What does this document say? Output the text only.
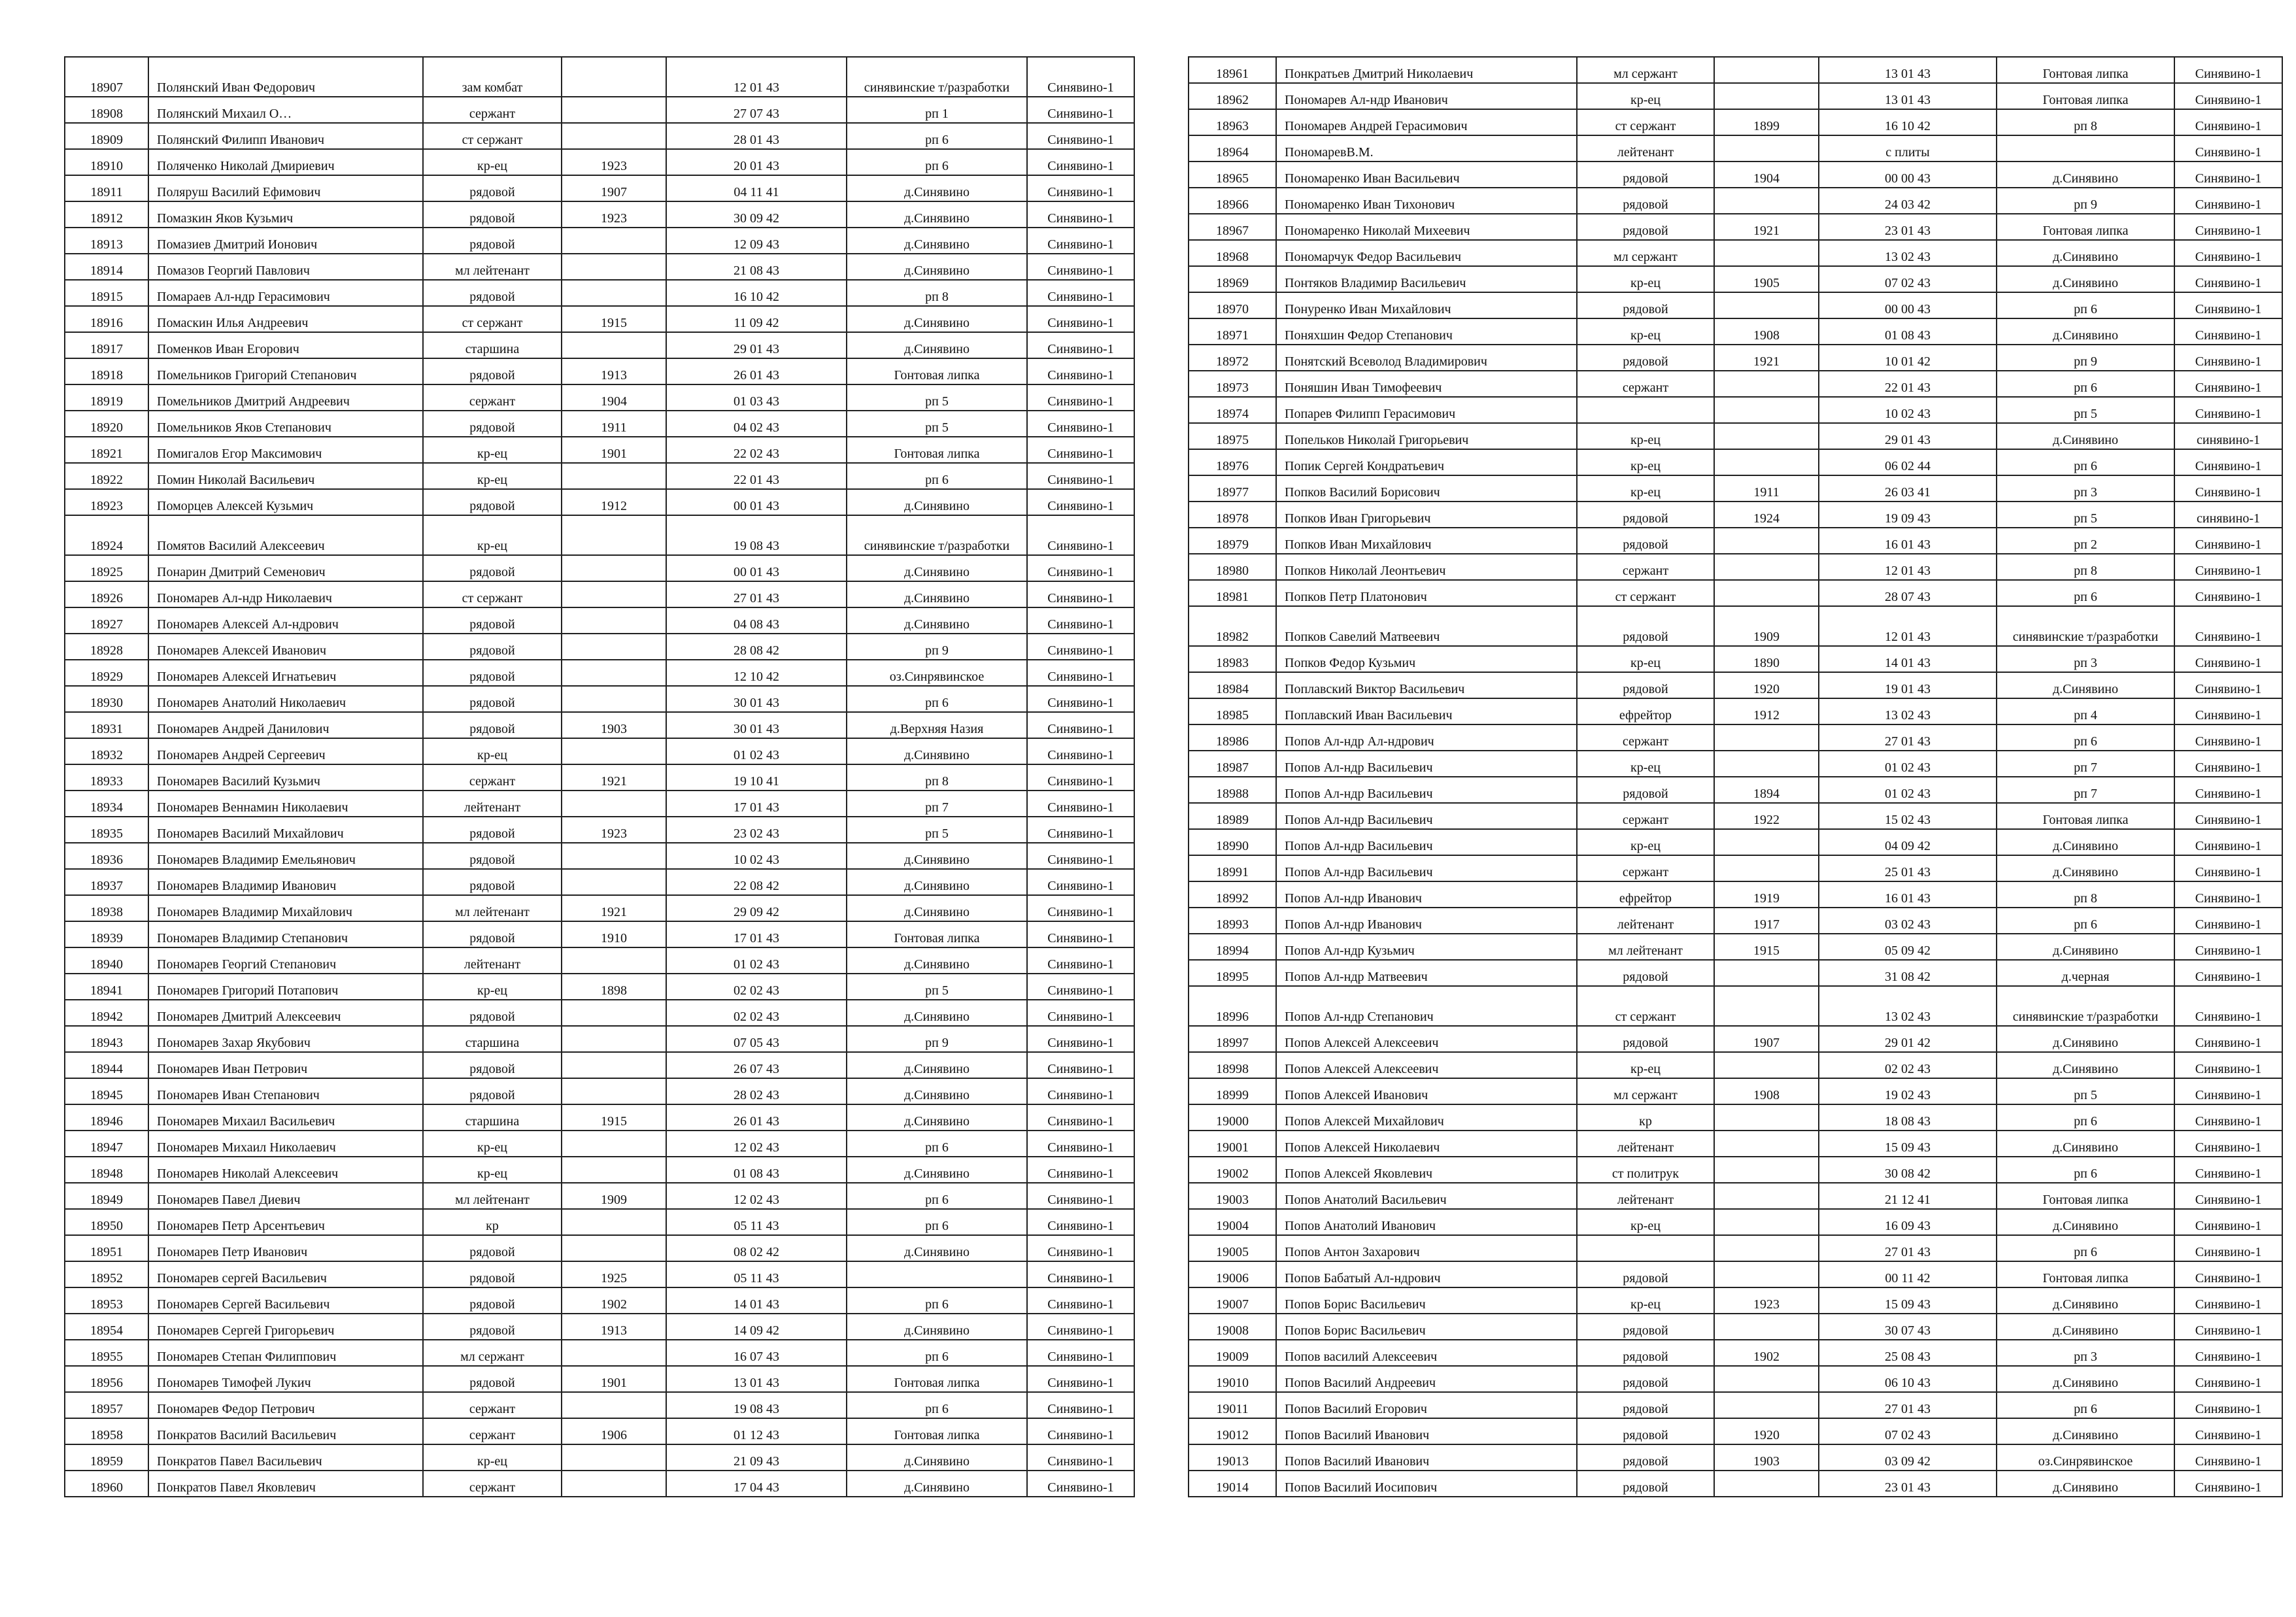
18907	Полянский Иван Федорович	зам комбат		12 01 43	синявинские т/разработки	Синявино-1
18908	Полянский Михаил О…	сержант		27 07 43	рп 1	Синявино-1
18909	Полянский Филипп Иванович	ст сержант		28 01 43	рп 6	Синявино-1
18910	Поляченко Николай Дмириевич	кр-ец	1923	20 01 43	рп 6	Синявино-1
18911	Поляруш Василий Ефимович	рядовой	1907	04 11 41	д.Синявино	Синявино-1
18912	Помазкин Яков Кузьмич	рядовой	1923	30 09 42	д.Синявино	Синявино-1
18913	Помазиев Дмитрий Ионович	рядовой		12 09 43	д.Синявино	Синявино-1
18914	Помазов Георгий Павлович	мл лейтенант		21 08 43	д.Синявино	Синявино-1
18915	Помараев Ал-ндр Герасимович	рядовой		16 10 42	рп 8	Синявино-1
18916	Помаскин Илья Андреевич	ст сержант	1915	11 09 42	д.Синявино	Синявино-1
18917	Поменков Иван Егорович	старшина		29 01 43	д.Синявино	Синявино-1
18918	Помельников Григорий Степанович	рядовой	1913	26 01 43	Гонтовая липка	Синявино-1
18919	Помельников Дмитрий Андреевич	сержант	1904	01 03 43	рп 5	Синявино-1
18920	Помельников Яков Степанович	рядовой	1911	04 02 43	рп 5	Синявино-1
18921	Помигалов Егор Максимович	кр-ец	1901	22 02 43	Гонтовая липка	Синявино-1
18922	Помин Николай Васильевич	кр-ец		22 01 43	рп 6	Синявино-1
18923	Поморцев Алексей Кузьмич	рядовой	1912	00 01 43	д.Синявино	Синявино-1
18924	Помятов Василий Алексеевич	кр-ец		19 08 43	синявинские т/разработки	Синявино-1
18925	Понарин Дмитрий Семенович	рядовой		00 01 43	д.Синявино	Синявино-1
18926	Пономарев Ал-ндр Николаевич	ст сержант		27 01 43	д.Синявино	Синявино-1
18927	Пономарев Алексей Ал-ндрович	рядовой		04 08 43	д.Синявино	Синявино-1
18928	Пономарев Алексей Иванович	рядовой		28 08 42	рп 9	Синявино-1
18929	Пономарев Алексей Игнатьевич	рядовой		12 10 42	оз.Синрявинское	Синявино-1
18930	Пономарев Анатолий Николаевич	рядовой		30 01 43	рп 6	Синявино-1
18931	Пономарев Андрей Данилович	рядовой	1903	30 01 43	д.Верхняя Назия	Синявино-1
18932	Пономарев Андрей Сергеевич	кр-ец		01 02 43	д.Синявино	Синявино-1
18933	Пономарев Василий Кузьмич	сержант	1921	19 10 41	рп 8	Синявино-1
18934	Пономарев Веннамин Николаевич	лейтенант		17 01 43	рп 7	Синявино-1
18935	Пономарев Василий Михайлович	рядовой	1923	23 02 43	рп 5	Синявино-1
18936	Пономарев Владимир Емельянович	рядовой		10 02 43	д.Синявино	Синявино-1
18937	Пономарев Владимир Иванович	рядовой		22 08 42	д.Синявино	Синявино-1
18938	Пономарев Владимир Михайлович	мл лейтенант	1921	29 09 42	д.Синявино	Синявино-1
18939	Пономарев Владимир Степанович	рядовой	1910	17 01 43	Гонтовая липка	Синявино-1
18940	Пономарев Георгий Степанович	лейтенант		01 02 43	д.Синявино	Синявино-1
18941	Пономарев Григорий Потапович	кр-ец	1898	02 02 43	рп 5	Синявино-1
18942	Пономарев Дмитрий Алексеевич	рядовой		02 02 43	д.Синявино	Синявино-1
18943	Пономарев Захар Якубович	старшина		07 05 43	рп 9	Синявино-1
18944	Пономарев Иван Петрович	рядовой		26 07 43	д.Синявино	Синявино-1
18945	Пономарев Иван Степанович	рядовой		28 02 43	д.Синявино	Синявино-1
18946	Пономарев Михаил Васильевич	старшина	1915	26 01 43	д.Синявино	Синявино-1
18947	Пономарев Михаил Николаевич	кр-ец		12 02 43	рп 6	Синявино-1
18948	Пономарев Николай Алексеевич	кр-ец		01 08 43	д.Синявино	Синявино-1
18949	Пономарев Павел Диевич	мл лейтенант	1909	12 02 43	рп 6	Синявино-1
18950	Пономарев Петр Арсентьевич	кр		05 11 43	рп 6	Синявино-1
18951	Пономарев Петр Иванович	рядовой		08 02 42	д.Синявино	Синявино-1
18952	Пономарев сергей Васильевич	рядовой	1925	05 11 43		Синявино-1
18953	Пономарев Сергей Васильевич	рядовой	1902	14 01 43	рп 6	Синявино-1
18954	Пономарев Сергей Григорьевич	рядовой	1913	14 09 42	д.Синявино	Синявино-1
18955	Пономарев Степан Филиппович	мл сержант		16 07 43	рп 6	Синявино-1
18956	Пономарев Тимофей Лукич	рядовой	1901	13 01 43	Гонтовая липка	Синявино-1
18957	Пономарев Федор Петрович	сержант		19 08 43	рп 6	Синявино-1
18958	Понкратов Василий Васильевич	сержант	1906	01 12 43	Гонтовая липка	Синявино-1
18959	Понкратов Павел Васильевич	кр-ец		21 09 43	д.Синявино	Синявино-1
18960	Понкратов Павел Яковлевич	сержант		17 04 43	д.Синявино	Синявино-1
18961	Понкратьев Дмитрий Николаевич	мл сержант		13 01 43	Гонтовая липка	Синявино-1
18962	Пономарев Ал-ндр Иванович	кр-ец		13 01 43	Гонтовая липка	Синявино-1
18963	Пономарев Андрей Герасимович	ст сержант	1899	16 10 42	рп 8	Синявино-1
18964	ПономаревВ.М.	лейтенант		с плиты		Синявино-1
18965	Пономаренко Иван Васильевич	рядовой	1904	00 00 43	д.Синявино	Синявино-1
18966	Пономаренко Иван Тихонович	рядовой		24 03 42	рп 9	Синявино-1
18967	Пономаренко Николай Михеевич	рядовой	1921	23 01 43	Гонтовая липка	Синявино-1
18968	Пономарчук Федор Васильевич	мл сержант		13 02 43	д.Синявино	Синявино-1
18969	Понтяков Владимир Васильевич	кр-ец	1905	07 02 43	д.Синявино	Синявино-1
18970	Понуренко Иван Михайлович	рядовой		00 00 43	рп 6	Синявино-1
18971	Поняхшин Федор Степанович	кр-ец	1908	01 08 43	д.Синявино	Синявино-1
18972	Понятский Всеволод Владимирович	рядовой	1921	10 01 42	рп 9	Синявино-1
18973	Поняшин Иван Тимофеевич	сержант		22 01 43	рп 6	Синявино-1
18974	Попарев Филипп Герасимович			10 02 43	рп 5	Синявино-1
18975	Попельков Николай Григорьевич	кр-ец		29 01 43	д.Синявино	синявино-1
18976	Попик Сергей Кондратьевич	кр-ец		06 02 44	рп 6	Синявино-1
18977	Попков Василий Борисович	кр-ец	1911	26 03 41	рп 3	Синявино-1
18978	Попков Иван Григорьевич	рядовой	1924	19 09 43	рп 5	синявино-1
18979	Попков Иван Михайлович	рядовой		16 01 43	рп 2	Синявино-1
18980	Попков Николай Леонтьевич	сержант		12 01 43	рп 8	Синявино-1
18981	Попков Петр Платонович	ст сержант		28 07 43	рп 6	Синявино-1
18982	Попков Савелий Матвеевич	рядовой	1909	12 01 43	синявинские т/разработки	Синявино-1
18983	Попков Федор Кузьмич	кр-ец	1890	14 01 43	рп 3	Синявино-1
18984	Поплавский Виктор Васильевич	рядовой	1920	19 01 43	д.Синявино	Синявино-1
18985	Поплавский Иван Васильевич	ефрейтор	1912	13 02 43	рп 4	Синявино-1
18986	Попов Ал-ндр Ал-ндрович	сержант		27 01 43	рп 6	Синявино-1
18987	Попов Ал-ндр Васильевич	кр-ец		01 02 43	рп 7	Синявино-1
18988	Попов Ал-ндр Васильевич	рядовой	1894	01 02 43	рп 7	Синявино-1
18989	Попов Ал-ндр Васильевич	сержант	1922	15 02 43	Гонтовая липка	Синявино-1
18990	Попов Ал-ндр Васильевич	кр-ец		04 09 42	д.Синявино	Синявино-1
18991	Попов Ал-ндр Васильевич	сержант		25 01 43	д.Синявино	Синявино-1
18992	Попов Ал-ндр Иванович	ефрейтор	1919	16 01 43	рп 8	Синявино-1
18993	Попов Ал-ндр Иванович	лейтенант	1917	03 02 43	рп 6	Синявино-1
18994	Попов Ал-ндр Кузьмич	мл лейтенант	1915	05 09 42	д.Синявино	Синявино-1
18995	Попов Ал-ндр Матвеевич	рядовой		31 08 42	д.черная	Синявино-1
18996	Попов Ал-ндр Степанович	ст сержант		13 02 43	синявинские т/разработки	Синявино-1
18997	Попов Алексей Алексеевич	рядовой	1907	29 01 42	д.Синявино	Синявино-1
18998	Попов Алексей Алексеевич	кр-ец		02 02 43	д.Синявино	Синявино-1
18999	Попов Алексей Иванович	мл сержант	1908	19 02 43	рп 5	Синявино-1
19000	Попов Алексей Михайлович	кр		18 08 43	рп 6	Синявино-1
19001	Попов Алексей Николаевич	лейтенант		15 09 43	д.Синявино	Синявино-1
19002	Попов Алексей Яковлевич	ст политрук		30 08 42	рп 6	Синявино-1
19003	Попов Анатолий Васильевич	лейтенант		21 12 41	Гонтовая липка	Синявино-1
19004	Попов Анатолий Иванович	кр-ец		16 09 43	д.Синявино	Синявино-1
19005	Попов Антон Захарович			27 01 43	рп 6	Синявино-1
19006	Попов Бабатый Ал-ндрович	рядовой		00 11 42	Гонтовая липка	Синявино-1
19007	Попов Борис Васильевич	кр-ец	1923	15 09 43	д.Синявино	Синявино-1
19008	Попов Борис Васильевич	рядовой		30 07 43	д.Синявино	Синявино-1
19009	Попов василий Алексеевич	рядовой	1902	25 08 43	рп 3	Синявино-1
19010	Попов Василий Андреевич	рядовой		06 10 43	д.Синявино	Синявино-1
19011	Попов Василий Егорович	рядовой		27 01 43	рп 6	Синявино-1
19012	Попов Василий Иванович	рядовой	1920	07 02 43	д.Синявино	Синявино-1
19013	Попов Василий Иванович	рядовой	1903	03 09 42	оз.Синрявинское	Синявино-1
19014	Попов Василий Иосипович	рядовой		23 01 43	д.Синявино	Синявино-1
